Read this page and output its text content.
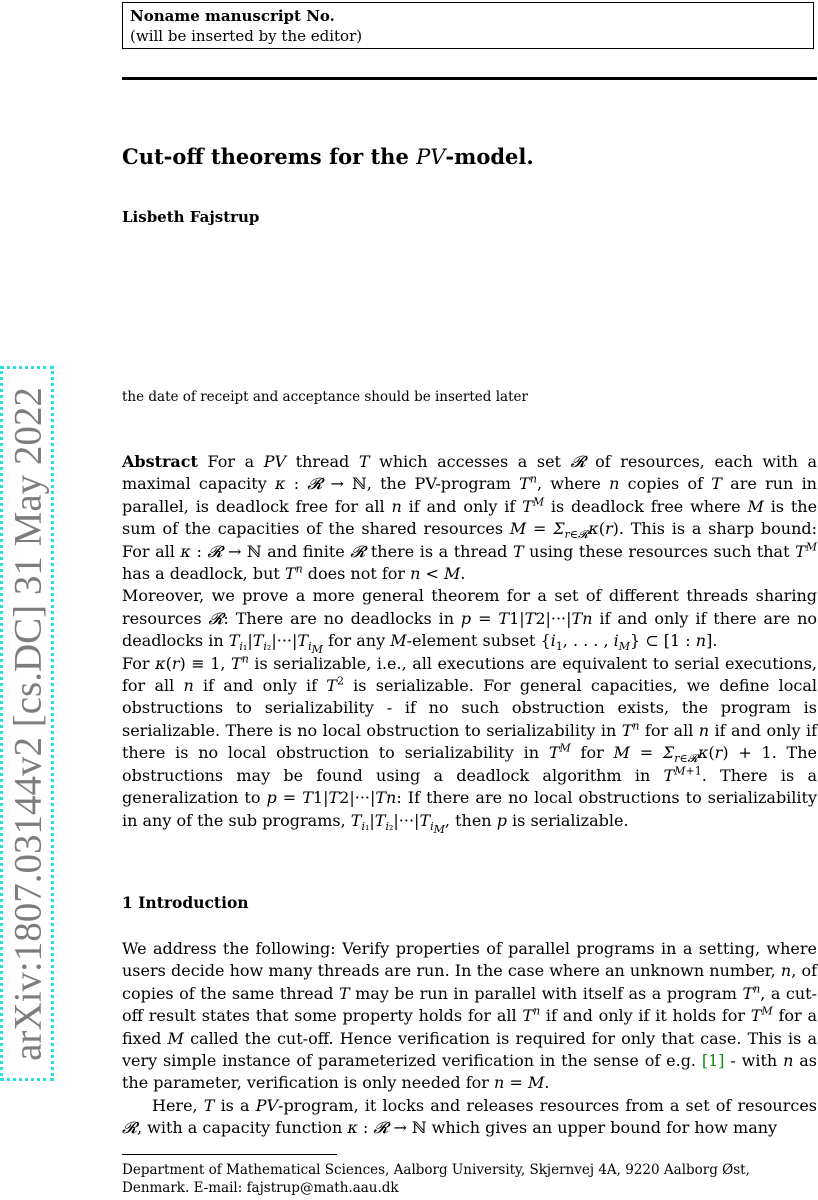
Noname manuscript No.
(will be inserted by the editor)
Cut-off theorems for the PV-model.
Lisbeth Fajstrup
the date of receipt and acceptance should be inserted later

Abstract For a PV thread T which accesses a set 𝓡 of resources, each with a maximal capacity κ : 𝓡 → ℕ, the PV-program $T^n$, where n copies of T are run in parallel, is deadlock free for all n if and only if $T^M$ is deadlock free where M is the sum of the capacities of the shared resources $M = \Sigma_{r\in 𝓡}\kappa(r)$. This is a sharp bound: For all κ : 𝓡 → ℕ and finite 𝓡 there is a thread T using these resources such that $T^M$ has a deadlock, but $T^n$ does not for n < M.

Moreover, we prove a more general theorem for a set of different threads sharing resources 𝓡: There are no deadlocks in p = T1|T2|···|Tn if and only if there are no deadlocks in $T_{i_1}|T_{i_2}|\cdot\cdot\cdot|T_{i_M}$ for any M-element subset {$i_1$, . . . , $i_M$} ⊂ [1 : n].

For κ(r) ≡ 1, $T^n$ is serializable, i.e., all executions are equivalent to serial executions, for all n if and only if $T^2$ is serializable. For general capacities, we define local obstructions to serializability - if no such obstruction exists, the program is serializable. There is no local obstruction to serializability in $T^n$ for all n if and only if there is no local obstruction to serializability in $T^M$ for $M = \Sigma_{r\in 𝓡}\kappa(r) + 1$. The obstructions may be found using a deadlock algorithm in $T^{M+1}$. There is a generalization to p = T1|T2|···|Tn: If there are no local obstructions to serializability in any of the sub programs, $T_{i_1}|T_{i_2}|\cdot\cdot\cdot|T_{i_M}$, then p is serializable.

1 Introduction

We address the following: Verify properties of parallel programs in a setting, where users decide how many threads are run. In the case where an unknown number, n, of copies of the same thread T may be run in parallel with itself as a program $T^n$, a cut-off result states that some property holds for all $T^n$ if and only if it holds for $T^M$ for a fixed M called the cut-off. Hence verification is required for only that case. This is a very simple instance of parameterized verification in the sense of e.g. [1] - with n as the parameter, verification is only needed for n = M.

Here, T is a PV-program, it locks and releases resources from a set of resources 𝓡, with a capacity function κ : 𝓡 → ℕ which gives an upper bound for how many

Department of Mathematical Sciences, Aalborg University, Skjernvej 4A, 9220 Aalborg Øst, Denmark. E-mail: fajstrup@math.aau.dk
arXiv:1807.03144v2 [cs.DC] 31 May 2022
